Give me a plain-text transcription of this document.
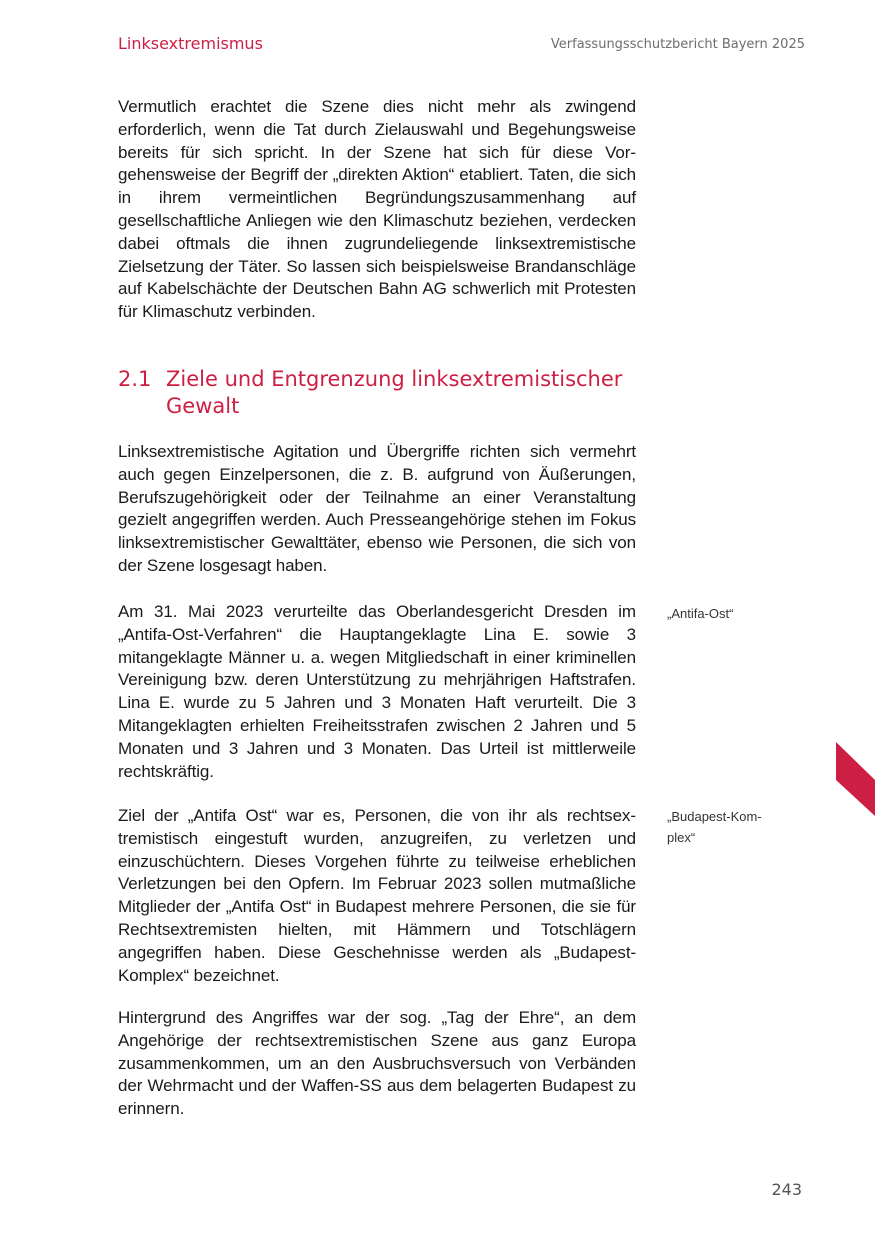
Linksextremismus	Verfassungsschutzbericht Bayern 2025

Vermutlich erachtet die Szene dies nicht mehr als zwingend erforderlich, wenn die Tat durch Zielauswahl und Begehungsweise bereits für sich spricht. In der Szene hat sich für diese Vorgehensweise der Begriff der „direkten Aktion“ etabliert. Taten, die sich in ihrem vermeintlichen Begründungszusammenhang auf gesellschaftliche Anliegen wie den Klimaschutz beziehen, verdecken dabei oftmals die ihnen zugrundeliegende linksextremistische Zielsetzung der Täter. So lassen sich beispielsweise Brandanschläge auf Kabelschächte der Deutschen Bahn AG schwerlich mit Protesten für Klimaschutz verbinden.

2.1 Ziele und Entgrenzung linksextremistischer
Gewalt

Linksextremistische Agitation und Übergriffe richten sich vermehrt auch gegen Einzelpersonen, die z. B. aufgrund von Äußerungen, Berufszugehörigkeit oder der Teilnahme an einer Veranstaltung gezielt angegriffen werden. Auch Presseangehörige stehen im Fokus linksextremistischer Gewalttäter, ebenso wie Personen, die sich von der Szene losgesagt haben.

Am 31. Mai 2023 verurteilte das Oberlandesgericht Dresden im „Antifa-Ost-Verfahren“ die Hauptangeklagte Lina E. sowie 3 mitangeklagte Männer u. a. wegen Mitgliedschaft in einer kriminellen Vereinigung bzw. deren Unterstützung zu mehrjährigen Haftstrafen. Lina E. wurde zu 5 Jahren und 3 Monaten Haft verurteilt. Die 3 Mitangeklagten erhielten Freiheitsstrafen zwischen 2 Jahren und 5 Monaten und 3 Jahren und 3 Monaten. Das Urteil ist mittlerweile rechtskräftig.

Ziel der „Antifa Ost“ war es, Personen, die von ihr als rechtsextremistisch eingestuft wurden, anzugreifen, zu verletzen und einzuschüchtern. Dieses Vorgehen führte zu teilweise erheblichen Verletzungen bei den Opfern. Im Februar 2023 sollen mutmaßliche Mitglieder der „Antifa Ost“ in Budapest mehrere Personen, die sie für Rechtsextremisten hielten, mit Hämmern und Totschlägern angegriffen haben. Diese Geschehnisse werden als „Budapest-Komplex“ bezeichnet.

Hintergrund des Angriffes war der sog. „Tag der Ehre“, an dem Angehörige der rechtsextremistischen Szene aus ganz Europa zusammenkommen, um an den Ausbruchsversuch von Verbänden der Wehrmacht und der Waffen-SS aus dem belagerten Budapest zu erinnern.

„Antifa-Ost“
„Budapest-Komplex“
243
